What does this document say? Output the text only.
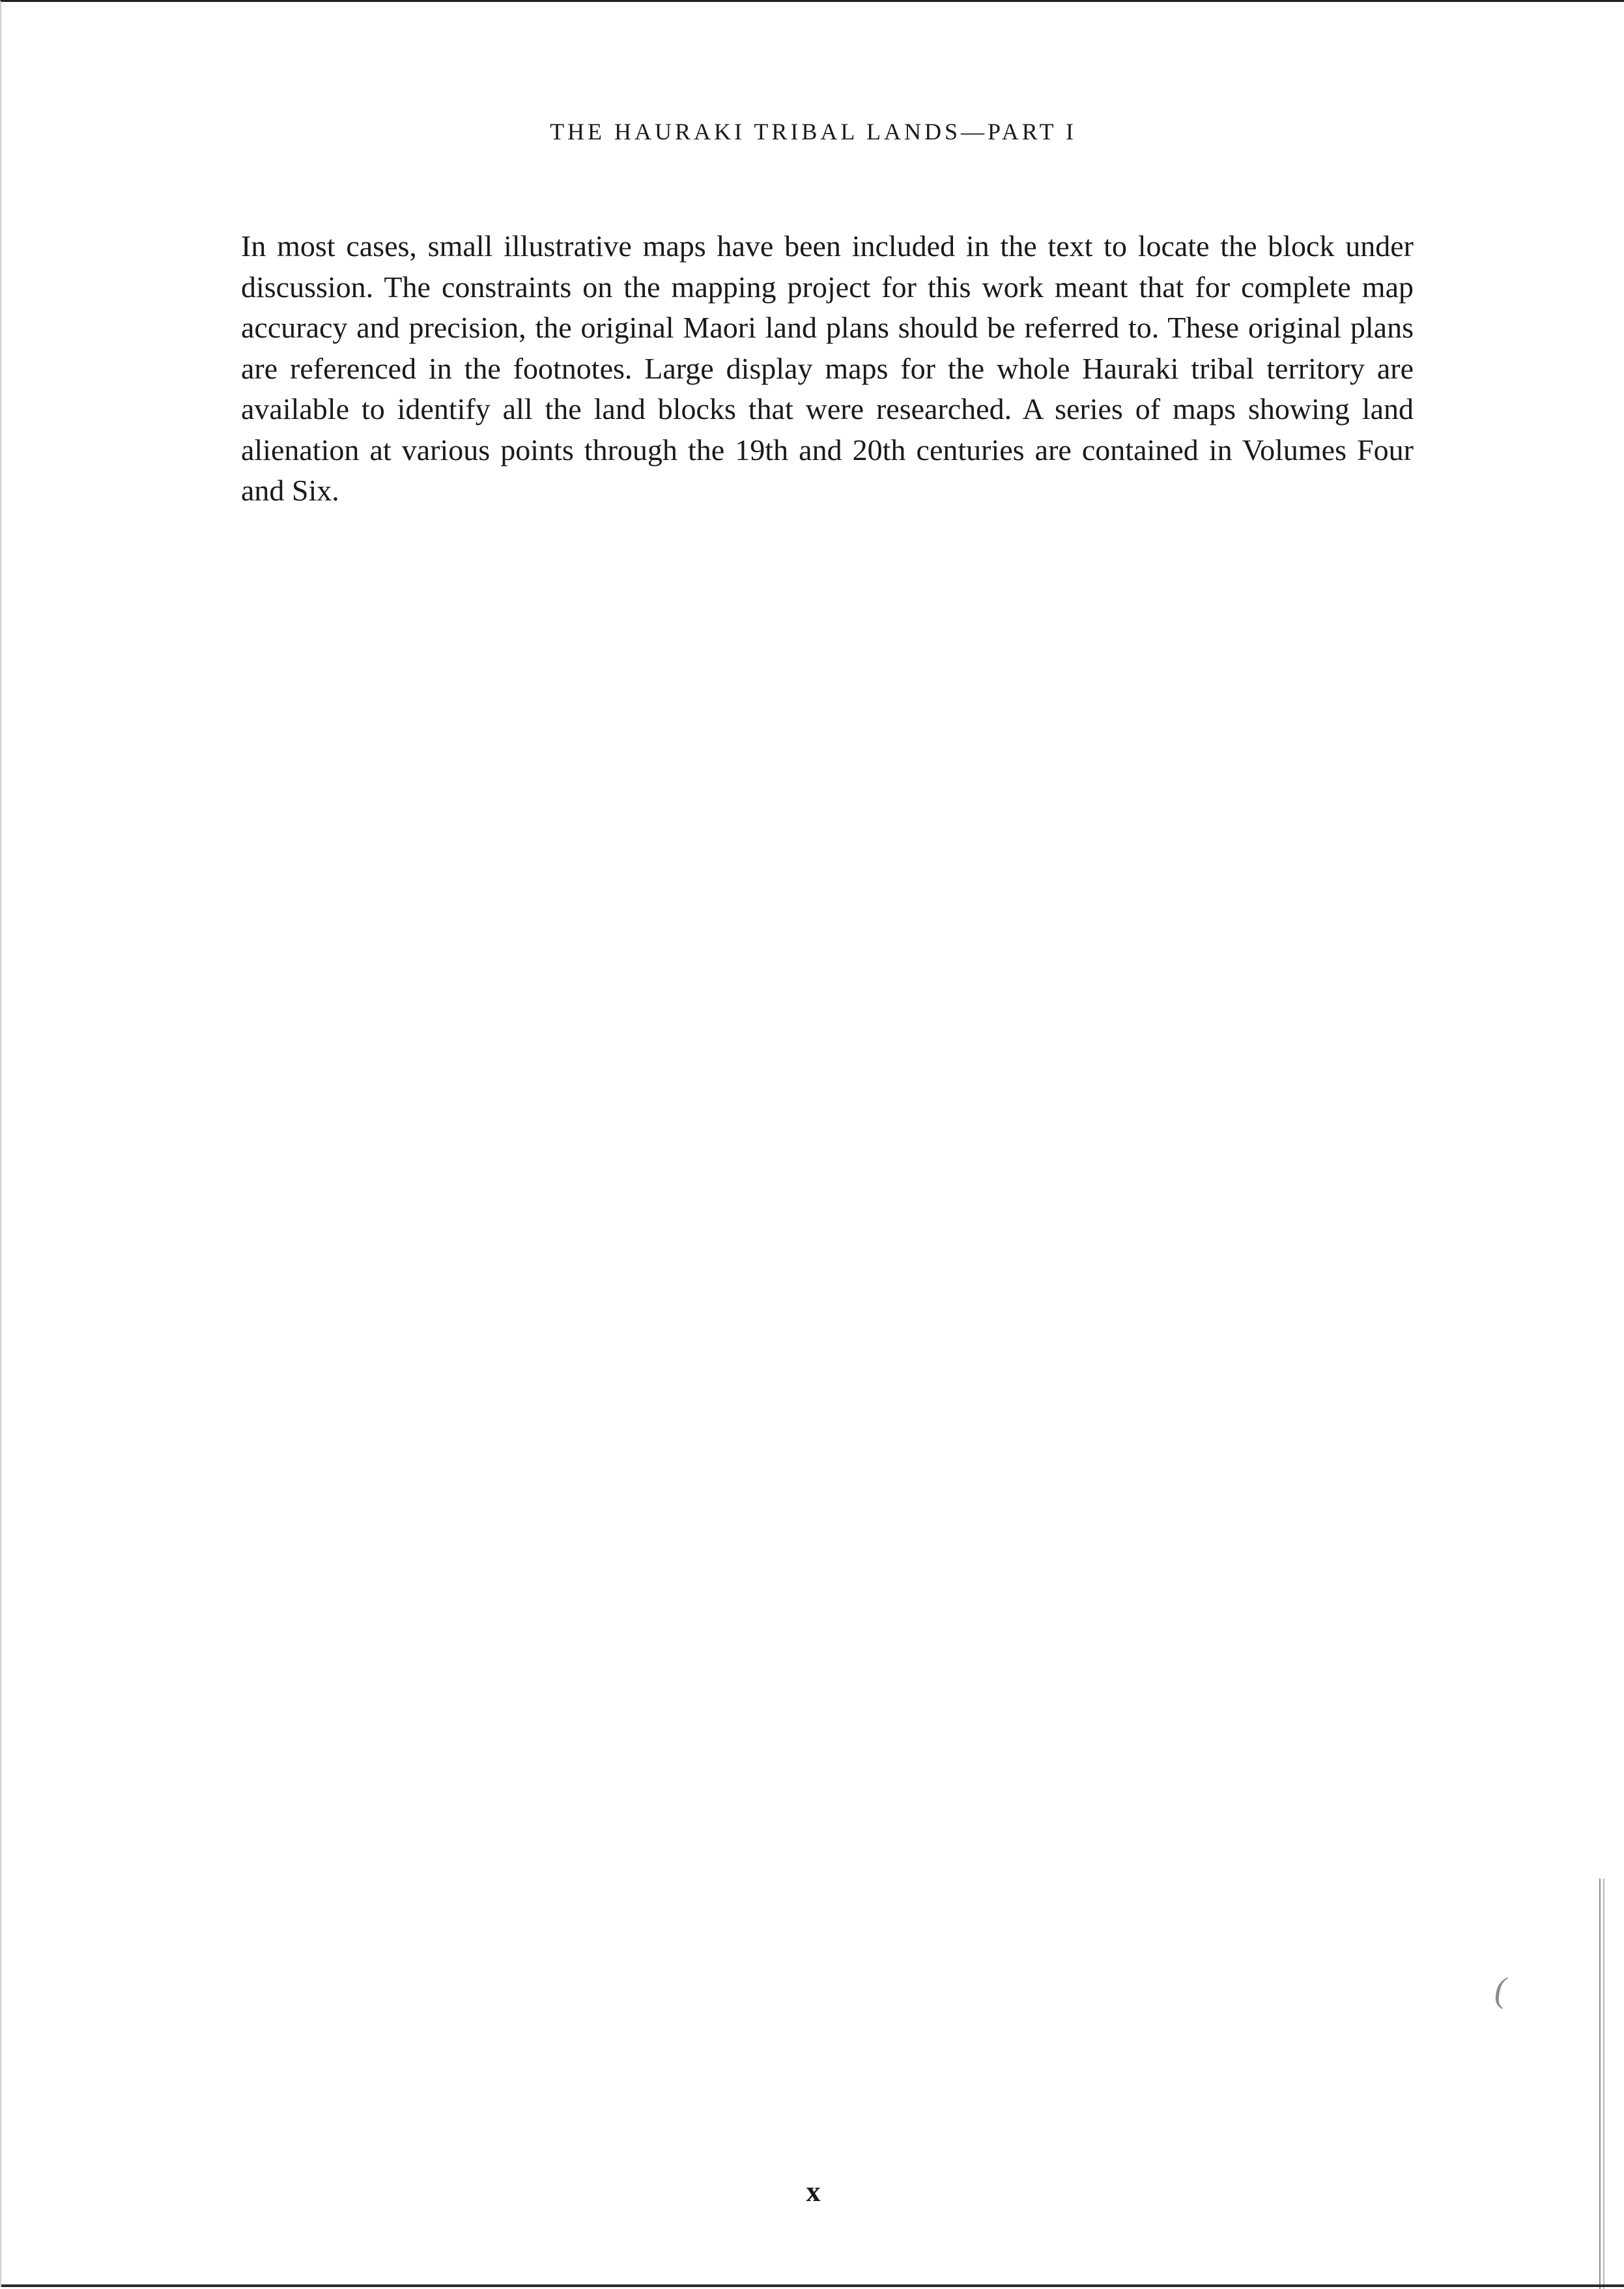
THE HAURAKI TRIBAL LANDS—PART I

In most cases, small illustrative maps have been included in the text to locate the block under discussion. The constraints on the mapping project for this work meant that for complete map accuracy and precision, the original Maori land plans should be referred to. These original plans are referenced in the footnotes. Large display maps for the whole Hauraki tribal territory are available to identify all the land blocks that were researched. A series of maps showing land alienation at various points through the 19th and 20th centuries are contained in Volumes Four and Six.

(
x
